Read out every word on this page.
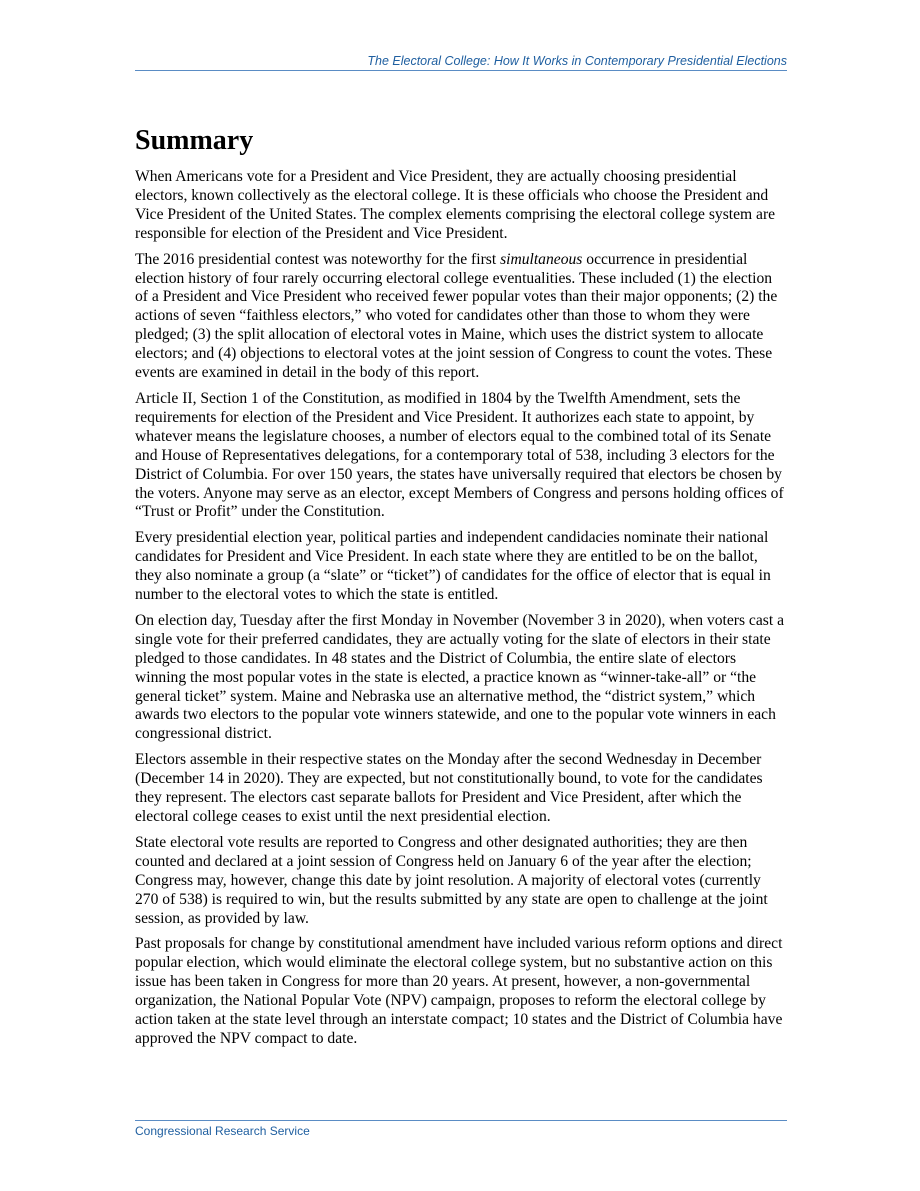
The Electoral College: How It Works in Contemporary Presidential Elections
Summary

When Americans vote for a President and Vice President, they are actually choosing presidential electors, known collectively as the electoral college. It is these officials who choose the President and Vice President of the United States. The complex elements comprising the electoral college system are responsible for election of the President and Vice President.

The 2016 presidential contest was noteworthy for the first simultaneous occurrence in presidential election history of four rarely occurring electoral college eventualities. These included (1) the election of a President and Vice President who received fewer popular votes than their major opponents; (2) the actions of seven “faithless electors,” who voted for candidates other than those to whom they were pledged; (3) the split allocation of electoral votes in Maine, which uses the district system to allocate electors; and (4) objections to electoral votes at the joint session of Congress to count the votes. These events are examined in detail in the body of this report.

Article II, Section 1 of the Constitution, as modified in 1804 by the Twelfth Amendment, sets the requirements for election of the President and Vice President. It authorizes each state to appoint, by whatever means the legislature chooses, a number of electors equal to the combined total of its Senate and House of Representatives delegations, for a contemporary total of 538, including 3 electors for the District of Columbia. For over 150 years, the states have universally required that electors be chosen by the voters. Anyone may serve as an elector, except Members of Congress and persons holding offices of “Trust or Profit” under the Constitution.

Every presidential election year, political parties and independent candidacies nominate their national candidates for President and Vice President. In each state where they are entitled to be on the ballot, they also nominate a group (a “slate” or “ticket”) of candidates for the office of elector that is equal in number to the electoral votes to which the state is entitled.

On election day, Tuesday after the first Monday in November (November 3 in 2020), when voters cast a single vote for their preferred candidates, they are actually voting for the slate of electors in their state pledged to those candidates. In 48 states and the District of Columbia, the entire slate of electors winning the most popular votes in the state is elected, a practice known as “winner-take-all” or “the general ticket” system. Maine and Nebraska use an alternative method, the “district system,” which awards two electors to the popular vote winners statewide, and one to the popular vote winners in each congressional district.

Electors assemble in their respective states on the Monday after the second Wednesday in December (December 14 in 2020). They are expected, but not constitutionally bound, to vote for the candidates they represent. The electors cast separate ballots for President and Vice President, after which the electoral college ceases to exist until the next presidential election.

State electoral vote results are reported to Congress and other designated authorities; they are then counted and declared at a joint session of Congress held on January 6 of the year after the election; Congress may, however, change this date by joint resolution. A majority of electoral votes (currently 270 of 538) is required to win, but the results submitted by any state are open to challenge at the joint session, as provided by law.

Past proposals for change by constitutional amendment have included various reform options and direct popular election, which would eliminate the electoral college system, but no substantive action on this issue has been taken in Congress for more than 20 years. At present, however, a non-governmental organization, the National Popular Vote (NPV) campaign, proposes to reform the electoral college by action taken at the state level through an interstate compact; 10 states and the District of Columbia have approved the NPV compact to date.

Congressional Research Service
